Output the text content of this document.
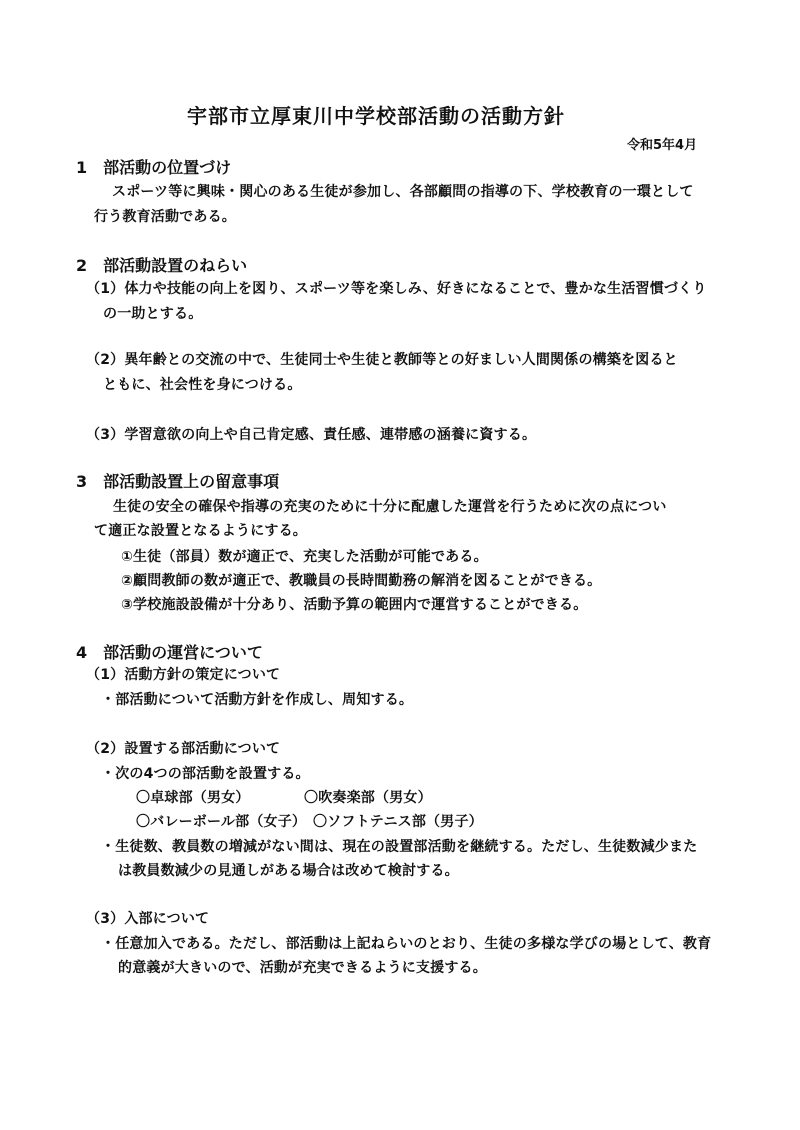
宇部市立厚東川中学校部活動の活動方針
令和5年4月
1　部活動の位置づけ
スポーツ等に興味・関心のある生徒が参加し、各部顧問の指導の下、学校教育の一環として
行う教育活動である。
2　部活動設置のねらい
（1）体力や技能の向上を図り、スポーツ等を楽しみ、好きになることで、豊かな生活習慣づくり
の一助とする。
（2）異年齢との交流の中で、生徒同士や生徒と教師等との好ましい人間関係の構築を図ると
ともに、社会性を身につける。
（3）学習意欲の向上や自己肯定感、責任感、連帯感の涵養に資する。
3　部活動設置上の留意事項
生徒の安全の確保や指導の充実のために十分に配慮した運営を行うために次の点につい
て適正な設置となるようにする。
①生徒（部員）数が適正で、充実した活動が可能である。
②顧問教師の数が適正で、教職員の長時間勤務の解消を図ることができる。
③学校施設設備が十分あり、活動予算の範囲内で運営することができる。
4　部活動の運営について
（1）活動方針の策定について
・部活動について活動方針を作成し、周知する。
（2）設置する部活動について
・次の4つの部活動を設置する。
〇卓球部（男女）	〇吹奏楽部（男女）
〇バレーボール部（女子） 〇ソフトテニス部（男子）
・生徒数、教員数の増減がない間は、現在の設置部活動を継続する。ただし、生徒数減少また
は教員数減少の見通しがある場合は改めて検討する。
（3）入部について
・任意加入である。ただし、部活動は上記ねらいのとおり、生徒の多様な学びの場として、教育
的意義が大きいので、活動が充実できるように支援する。
